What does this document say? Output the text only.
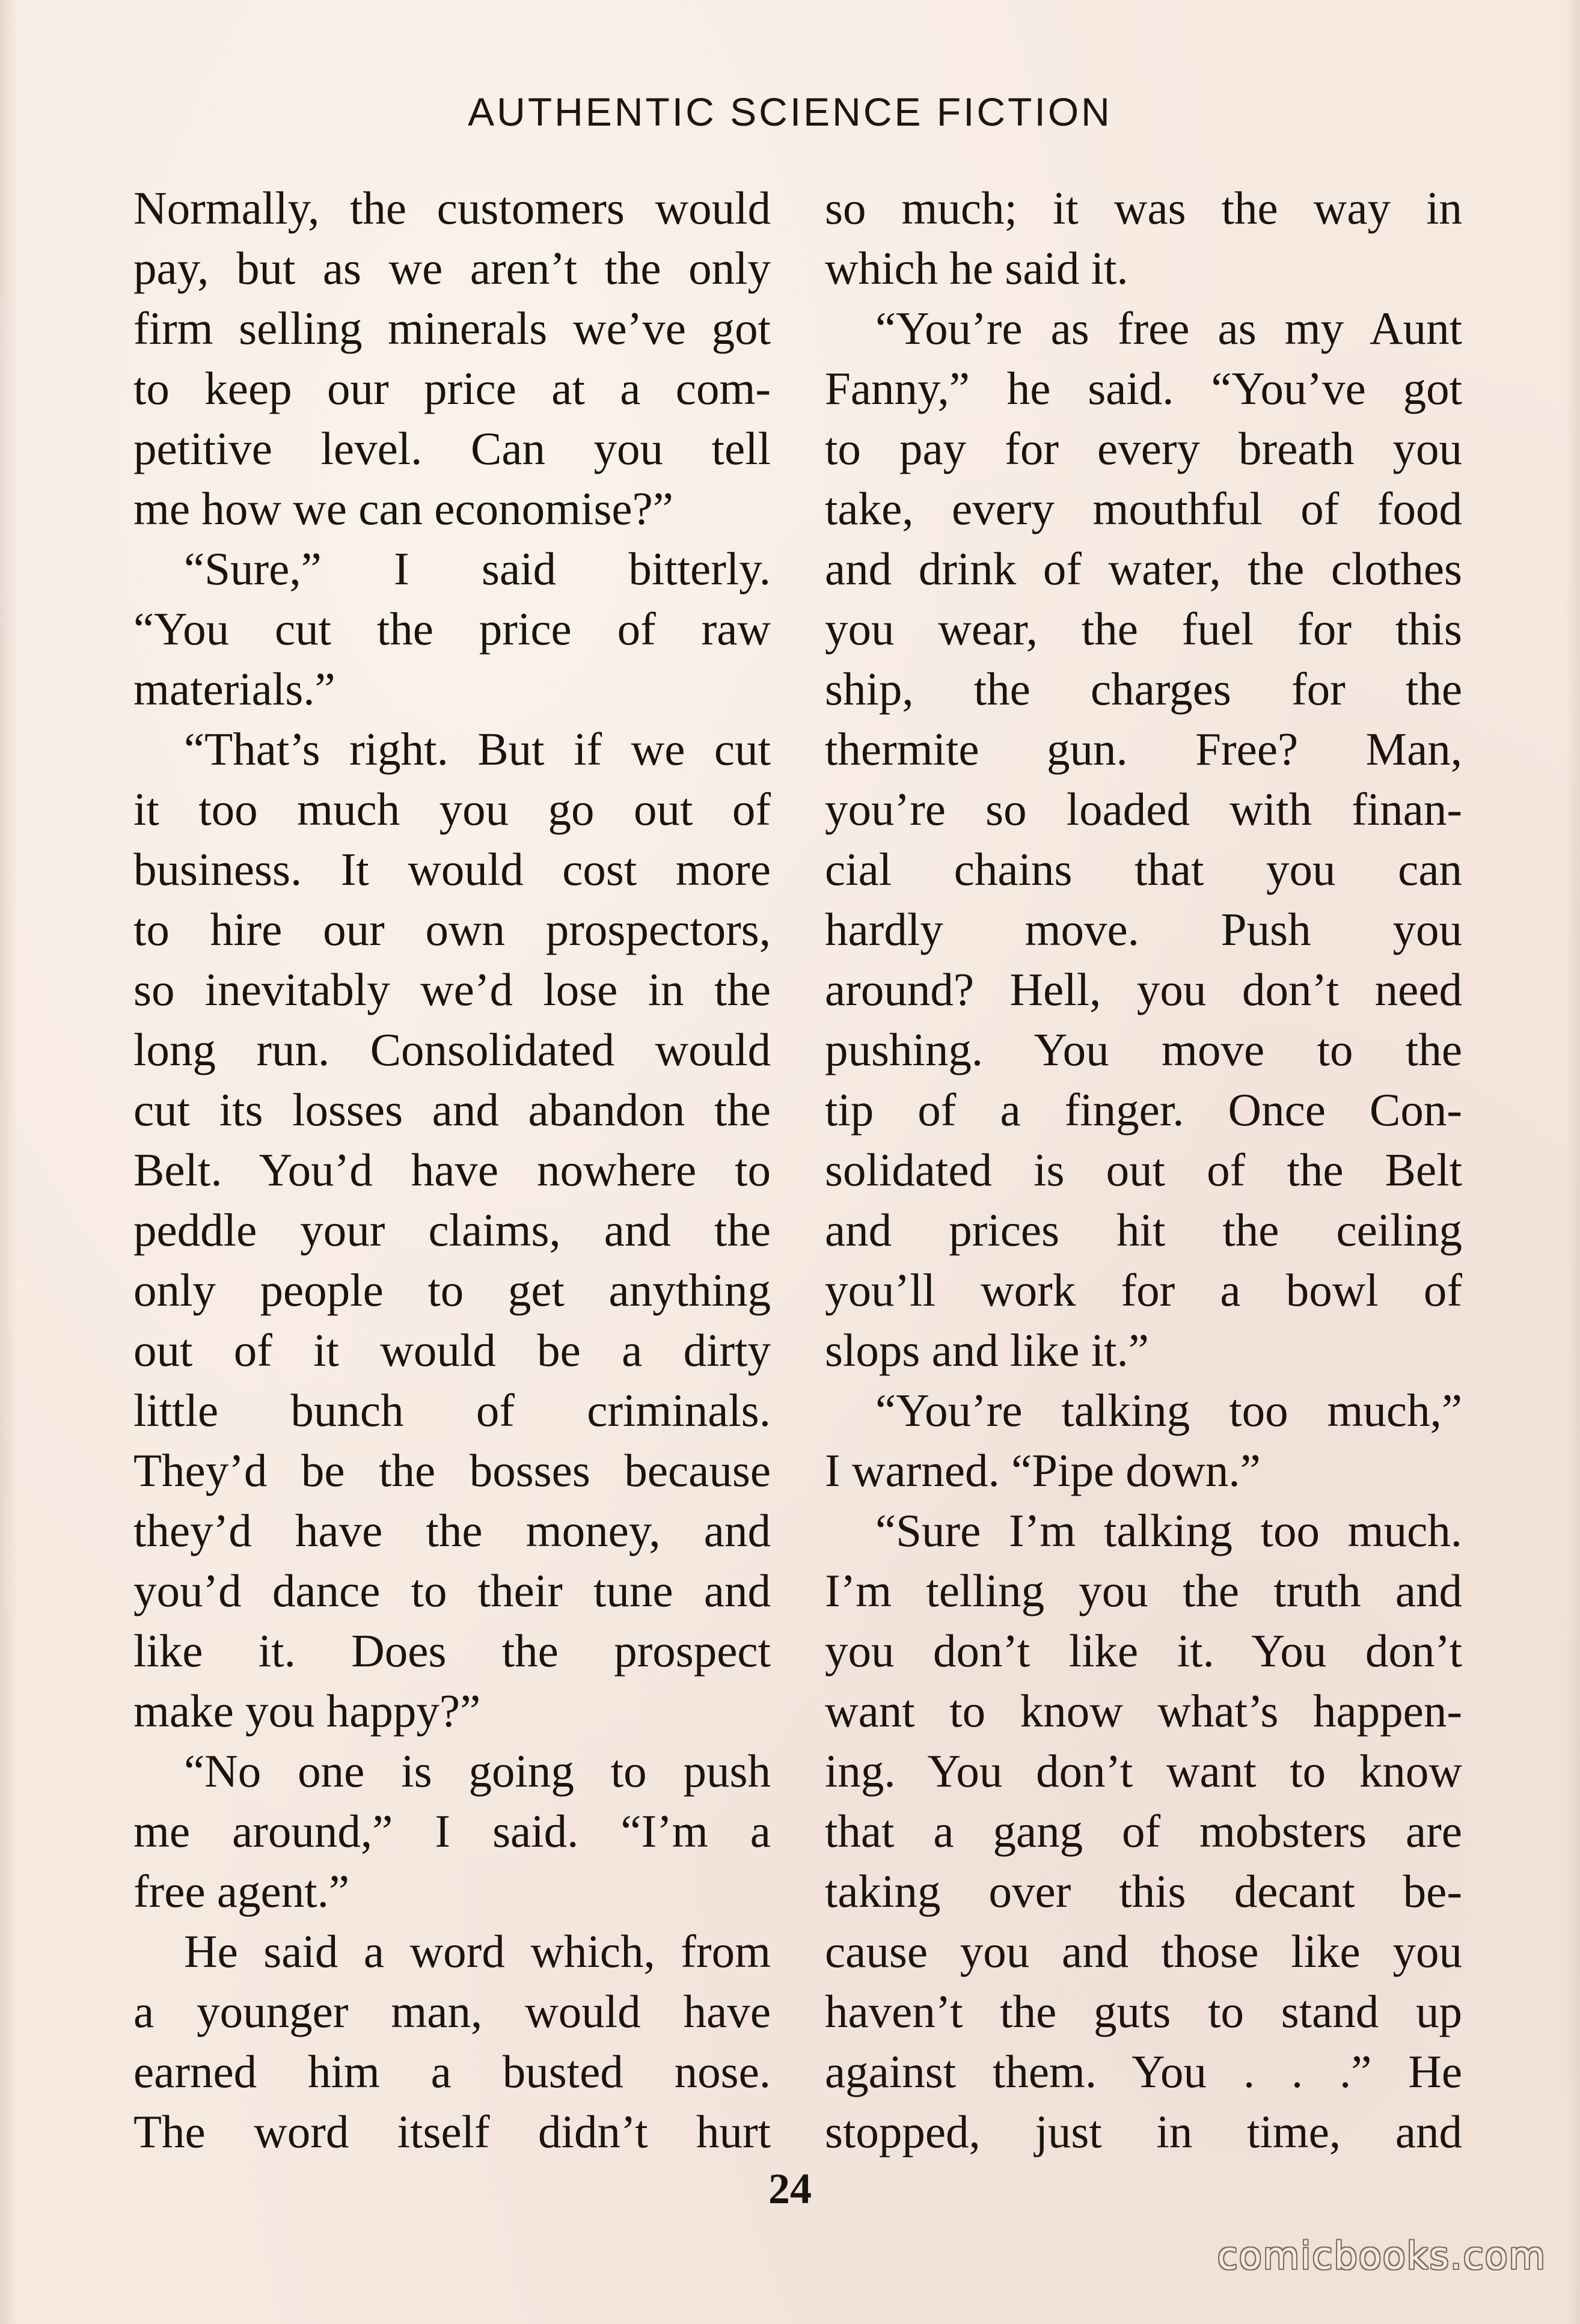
AUTHENTIC SCIENCE FICTION
Normally, the customers would
pay, but as we aren’t the only
firm selling minerals we’ve got
to keep our price at a com-
petitive level. Can you tell
me how we can economise?”
“Sure,” I said bitterly.
“You cut the price of raw
materials.”
“That’s right. But if we cut
it too much you go out of
business. It would cost more
to hire our own prospectors,
so inevitably we’d lose in the
long run. Consolidated would
cut its losses and abandon the
Belt. You’d have nowhere to
peddle your claims, and the
only people to get anything
out of it would be a dirty
little bunch of criminals.
They’d be the bosses because
they’d have the money, and
you’d dance to their tune and
like it. Does the prospect
make you happy?”
“No one is going to push
me around,” I said. “I’m a
free agent.”
He said a word which, from
a younger man, would have
earned him a busted nose.
The word itself didn’t hurt
so much; it was the way in
which he said it.
“You’re as free as my Aunt
Fanny,” he said. “You’ve got
to pay for every breath you
take, every mouthful of food
and drink of water, the clothes
you wear, the fuel for this
ship, the charges for the
thermite gun. Free? Man,
you’re so loaded with finan-
cial chains that you can
hardly move. Push you
around? Hell, you don’t need
pushing. You move to the
tip of a finger. Once Con-
solidated is out of the Belt
and prices hit the ceiling
you’ll work for a bowl of
slops and like it.”
“You’re talking too much,”
I warned. “Pipe down.”
“Sure I’m talking too much.
I’m telling you the truth and
you don’t like it. You don’t
want to know what’s happen-
ing. You don’t want to know
that a gang of mobsters are
taking over this decant be-
cause you and those like you
haven’t the guts to stand up
against them. You . . .” He
stopped, just in time, and
24
comicbooks.com
